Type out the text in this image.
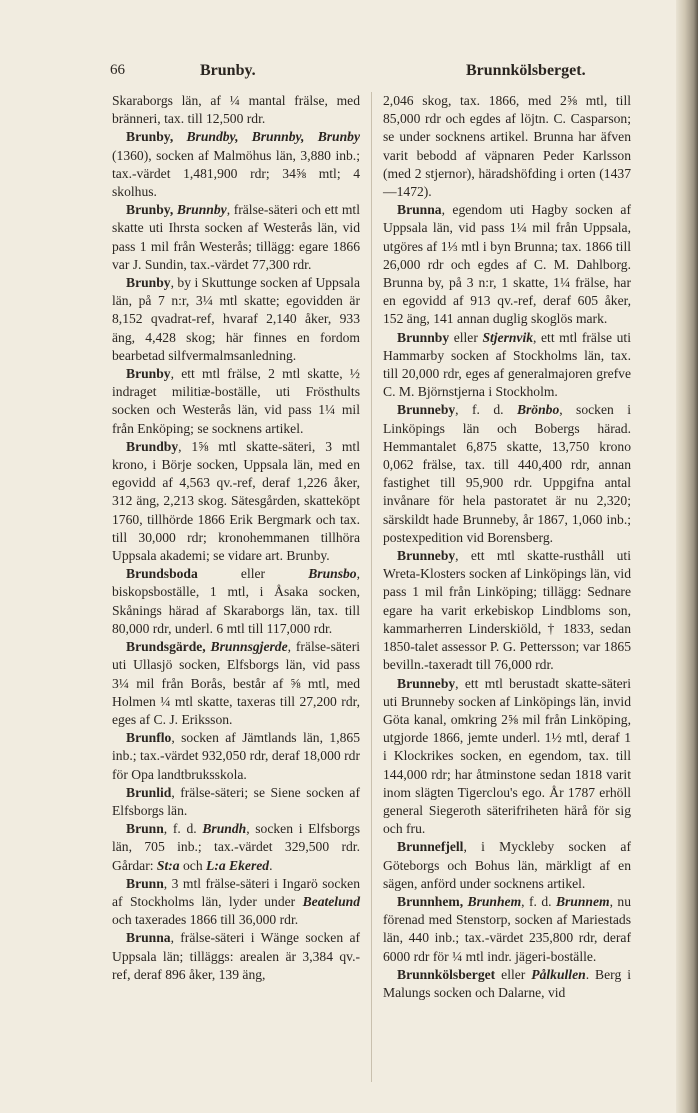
66	Brunby.	Brunnkölsberget.

Skaraborgs län, af ¼ mantal frälse, med bränneri, tax. till 12,500 rdr.

Brunby, Brundby, Brunnby, Brunby (1360), socken af Malmöhus län, 3,880 inb.; tax.-värdet 1,481,900 rdr; 34⅝ mtl; 4 skolhus.

Brunby, Brunnby, frälse-säteri och ett mtl skatte uti Ihrsta socken af Westerås län, vid pass 1 mil från Westerås; tillägg: egare 1866 var J. Sundin, tax.-värdet 77,300 rdr.

Brunby, by i Skuttunge socken af Uppsala län, på 7 n:r, 3¼ mtl skatte; egovidden är 8,152 qvadrat-ref, hvaraf 2,140 åker, 933 äng, 4,428 skog; här finnes en fordom bearbetad silfvermalmsanledning.

Brunby, ett mtl frälse, 2 mtl skatte, ½ indraget militiæ-boställe, uti Frösthults socken och Westerås län, vid pass 1¼ mil från Enköping; se socknens artikel.

Brundby, 1⅝ mtl skatte-säteri, 3 mtl krono, i Börje socken, Uppsala län, med en egovidd af 4,563 qv.-ref, deraf 1,226 åker, 312 äng, 2,213 skog. Sätesgården, skatteköpt 1760, tillhörde 1866 Erik Bergmark och tax. till 30,000 rdr; kronohemmanen tillhöra Uppsala akademi; se vidare art. Brunby.

Brundsboda eller Brunsbo, biskopsboställe, 1 mtl, i Åsaka socken, Skånings härad af Skaraborgs län, tax. till 80,000 rdr, underl. 6 mtl till 117,000 rdr.

Brundsgärde, Brunnsgjerde, frälse-säteri uti Ullasjö socken, Elfsborgs län, vid pass 3¼ mil från Borås, består af ⅝ mtl, med Holmen ¼ mtl skatte, taxeras till 27,200 rdr, eges af C. J. Eriksson.

Brunflo, socken af Jämtlands län, 1,865 inb.; tax.-värdet 932,050 rdr, deraf 18,000 rdr för Opa landtbruksskola.

Brunlid, frälse-säteri; se Siene socken af Elfsborgs län.

Brunn, f. d. Brundh, socken i Elfsborgs län, 705 inb.; tax.-värdet 329,500 rdr. Gårdar: St:a och L:a Ekered.

Brunn, 3 mtl frälse-säteri i Ingarö socken af Stockholms län, lyder under Beatelund och taxerades 1866 till 36,000 rdr.

Brunna, frälse-säteri i Wänge socken af Uppsala län; tilläggs: arealen är 3,384 qv.-ref, deraf 896 åker, 139 äng,

2,046 skog, tax. 1866, med 2⅝ mtl, till 85,000 rdr och egdes af löjtn. C. Casparson; se under socknens artikel. Brunna har äfven varit bebodd af väpnaren Peder Karlsson (med 2 stjernor), häradshöfding i orten (1437—1472).

Brunna, egendom uti Hagby socken af Uppsala län, vid pass 1¼ mil från Uppsala, utgöres af 1⅓ mtl i byn Brunna; tax. 1866 till 26,000 rdr och egdes af C. M. Dahlborg. Brunna by, på 3 n:r, 1 skatte, 1¼ frälse, har en egovidd af 913 qv.-ref, deraf 605 åker, 152 äng, 141 annan duglig skoglös mark.

Brunnby eller Stjernvik, ett mtl frälse uti Hammarby socken af Stockholms län, tax. till 20,000 rdr, eges af generalmajoren grefve C. M. Björnstjerna i Stockholm.

Brunneby, f. d. Brönbo, socken i Linköpings län och Bobergs härad. Hemmantalet 6,875 skatte, 13,750 krono 0,062 frälse, tax. till 440,400 rdr, annan fastighet till 95,900 rdr. Uppgifna antal invånare för hela pastoratet är nu 2,320; särskildt hade Brunneby, år 1867, 1,060 inb.; postexpedition vid Borensberg.

Brunneby, ett mtl skatte-rusthåll uti Wreta-Klosters socken af Linköpings län, vid pass 1 mil från Linköping; tillägg: Sednare egare ha varit erkebiskop Lindbloms son, kammarherren Linderskiöld, † 1833, sedan 1850-talet assessor P. G. Pettersson; var 1865 bevilln.-taxeradt till 76,000 rdr.

Brunneby, ett mtl berustadt skatte-säteri uti Brunneby socken af Linköpings län, invid Göta kanal, omkring 2⅝ mil från Linköping, utgjorde 1866, jemte underl. 1½ mtl, deraf 1 i Klockrikes socken, en egendom, tax. till 144,000 rdr; har åtminstone sedan 1818 varit inom slägten Tigerclou's ego. År 1787 erhöll general Siegeroth säterifriheten härå för sig och fru.

Brunnefjell, i Myckleby socken af Göteborgs och Bohus län, märkligt af en sägen, anförd under socknens artikel.

Brunnhem, Brunhem, f. d. Brunnem, nu förenad med Stenstorp, socken af Mariestads län, 440 inb.; tax.-värdet 235,800 rdr, deraf 6000 rdr för ¼ mtl indr. jägeri-boställe.

Brunnkölsberget eller Pålkullen. Berg i Malungs socken och Dalarne, vid
